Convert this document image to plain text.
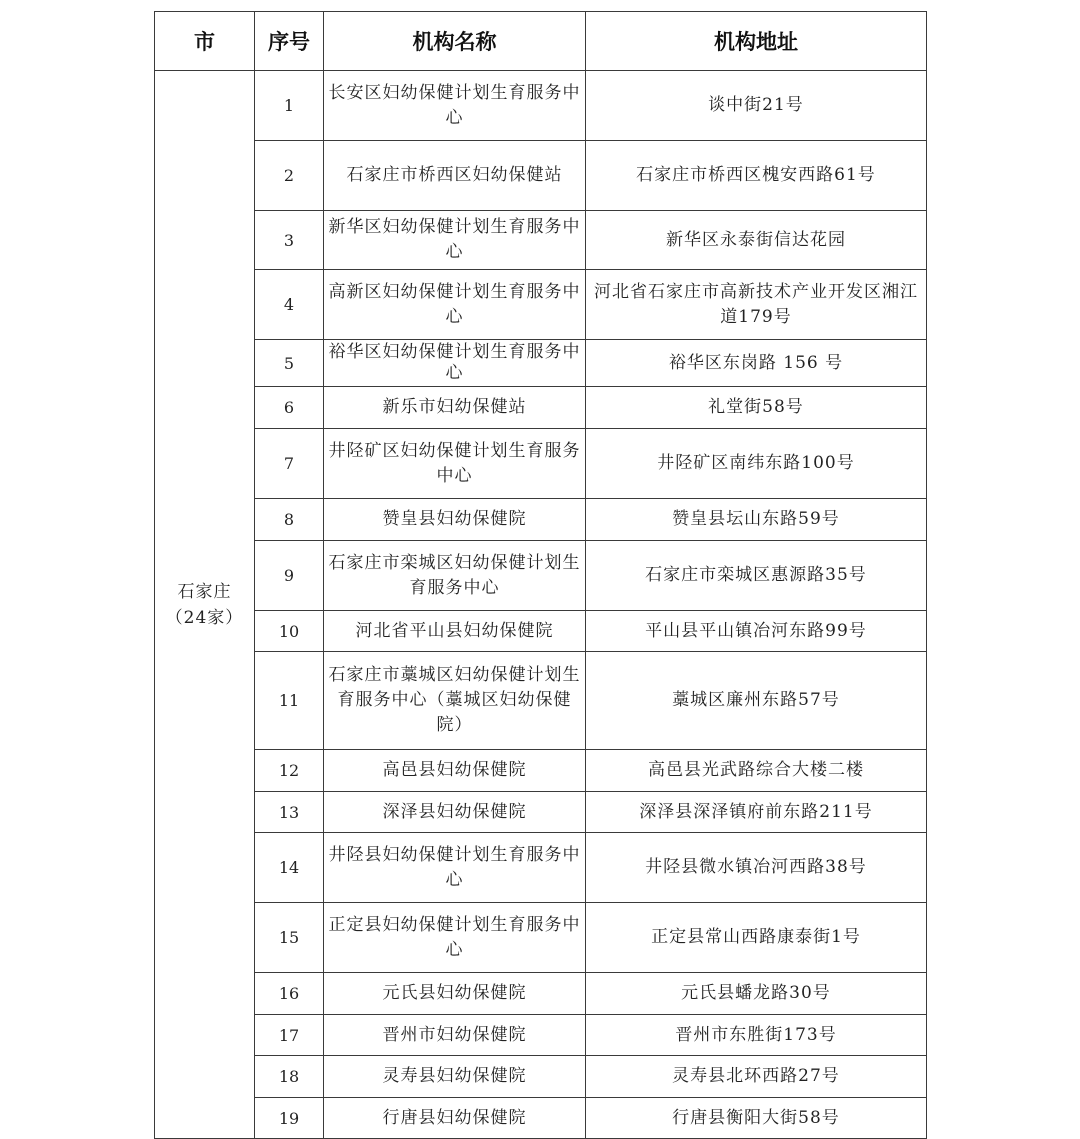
市	序号	机构名称	机构地址

石家庄
（24家）	1	长安区妇幼保健计划生育服务中心	谈中街21号
	2	石家庄市桥西区妇幼保健站	石家庄市桥西区槐安西路61号
	3	新华区妇幼保健计划生育服务中心	新华区永泰街信达花园
	4	高新区妇幼保健计划生育服务中心	河北省石家庄市高新技术产业开发区湘江道179号
	5	裕华区妇幼保健计划生育服务中心	裕华区东岗路 156 号
	6	新乐市妇幼保健站	礼堂街58号
	7	井陉矿区妇幼保健计划生育服务中心	井陉矿区南纬东路100号
	8	赞皇县妇幼保健院	赞皇县坛山东路59号
	9	石家庄市栾城区妇幼保健计划生育服务中心	石家庄市栾城区惠源路35号
	10	河北省平山县妇幼保健院	平山县平山镇冶河东路99号
	11	石家庄市藁城区妇幼保健计划生育服务中心（藁城区妇幼保健院）	藁城区廉州东路57号
	12	高邑县妇幼保健院	高邑县光武路综合大楼二楼
	13	深泽县妇幼保健院	深泽县深泽镇府前东路211号
	14	井陉县妇幼保健计划生育服务中心	井陉县微水镇冶河西路38号
	15	正定县妇幼保健计划生育服务中心	正定县常山西路康泰街1号
	16	元氏县妇幼保健院	元氏县蟠龙路30号
	17	晋州市妇幼保健院	晋州市东胜街173号
	18	灵寿县妇幼保健院	灵寿县北环西路27号
	19	行唐县妇幼保健院	行唐县衡阳大街58号
